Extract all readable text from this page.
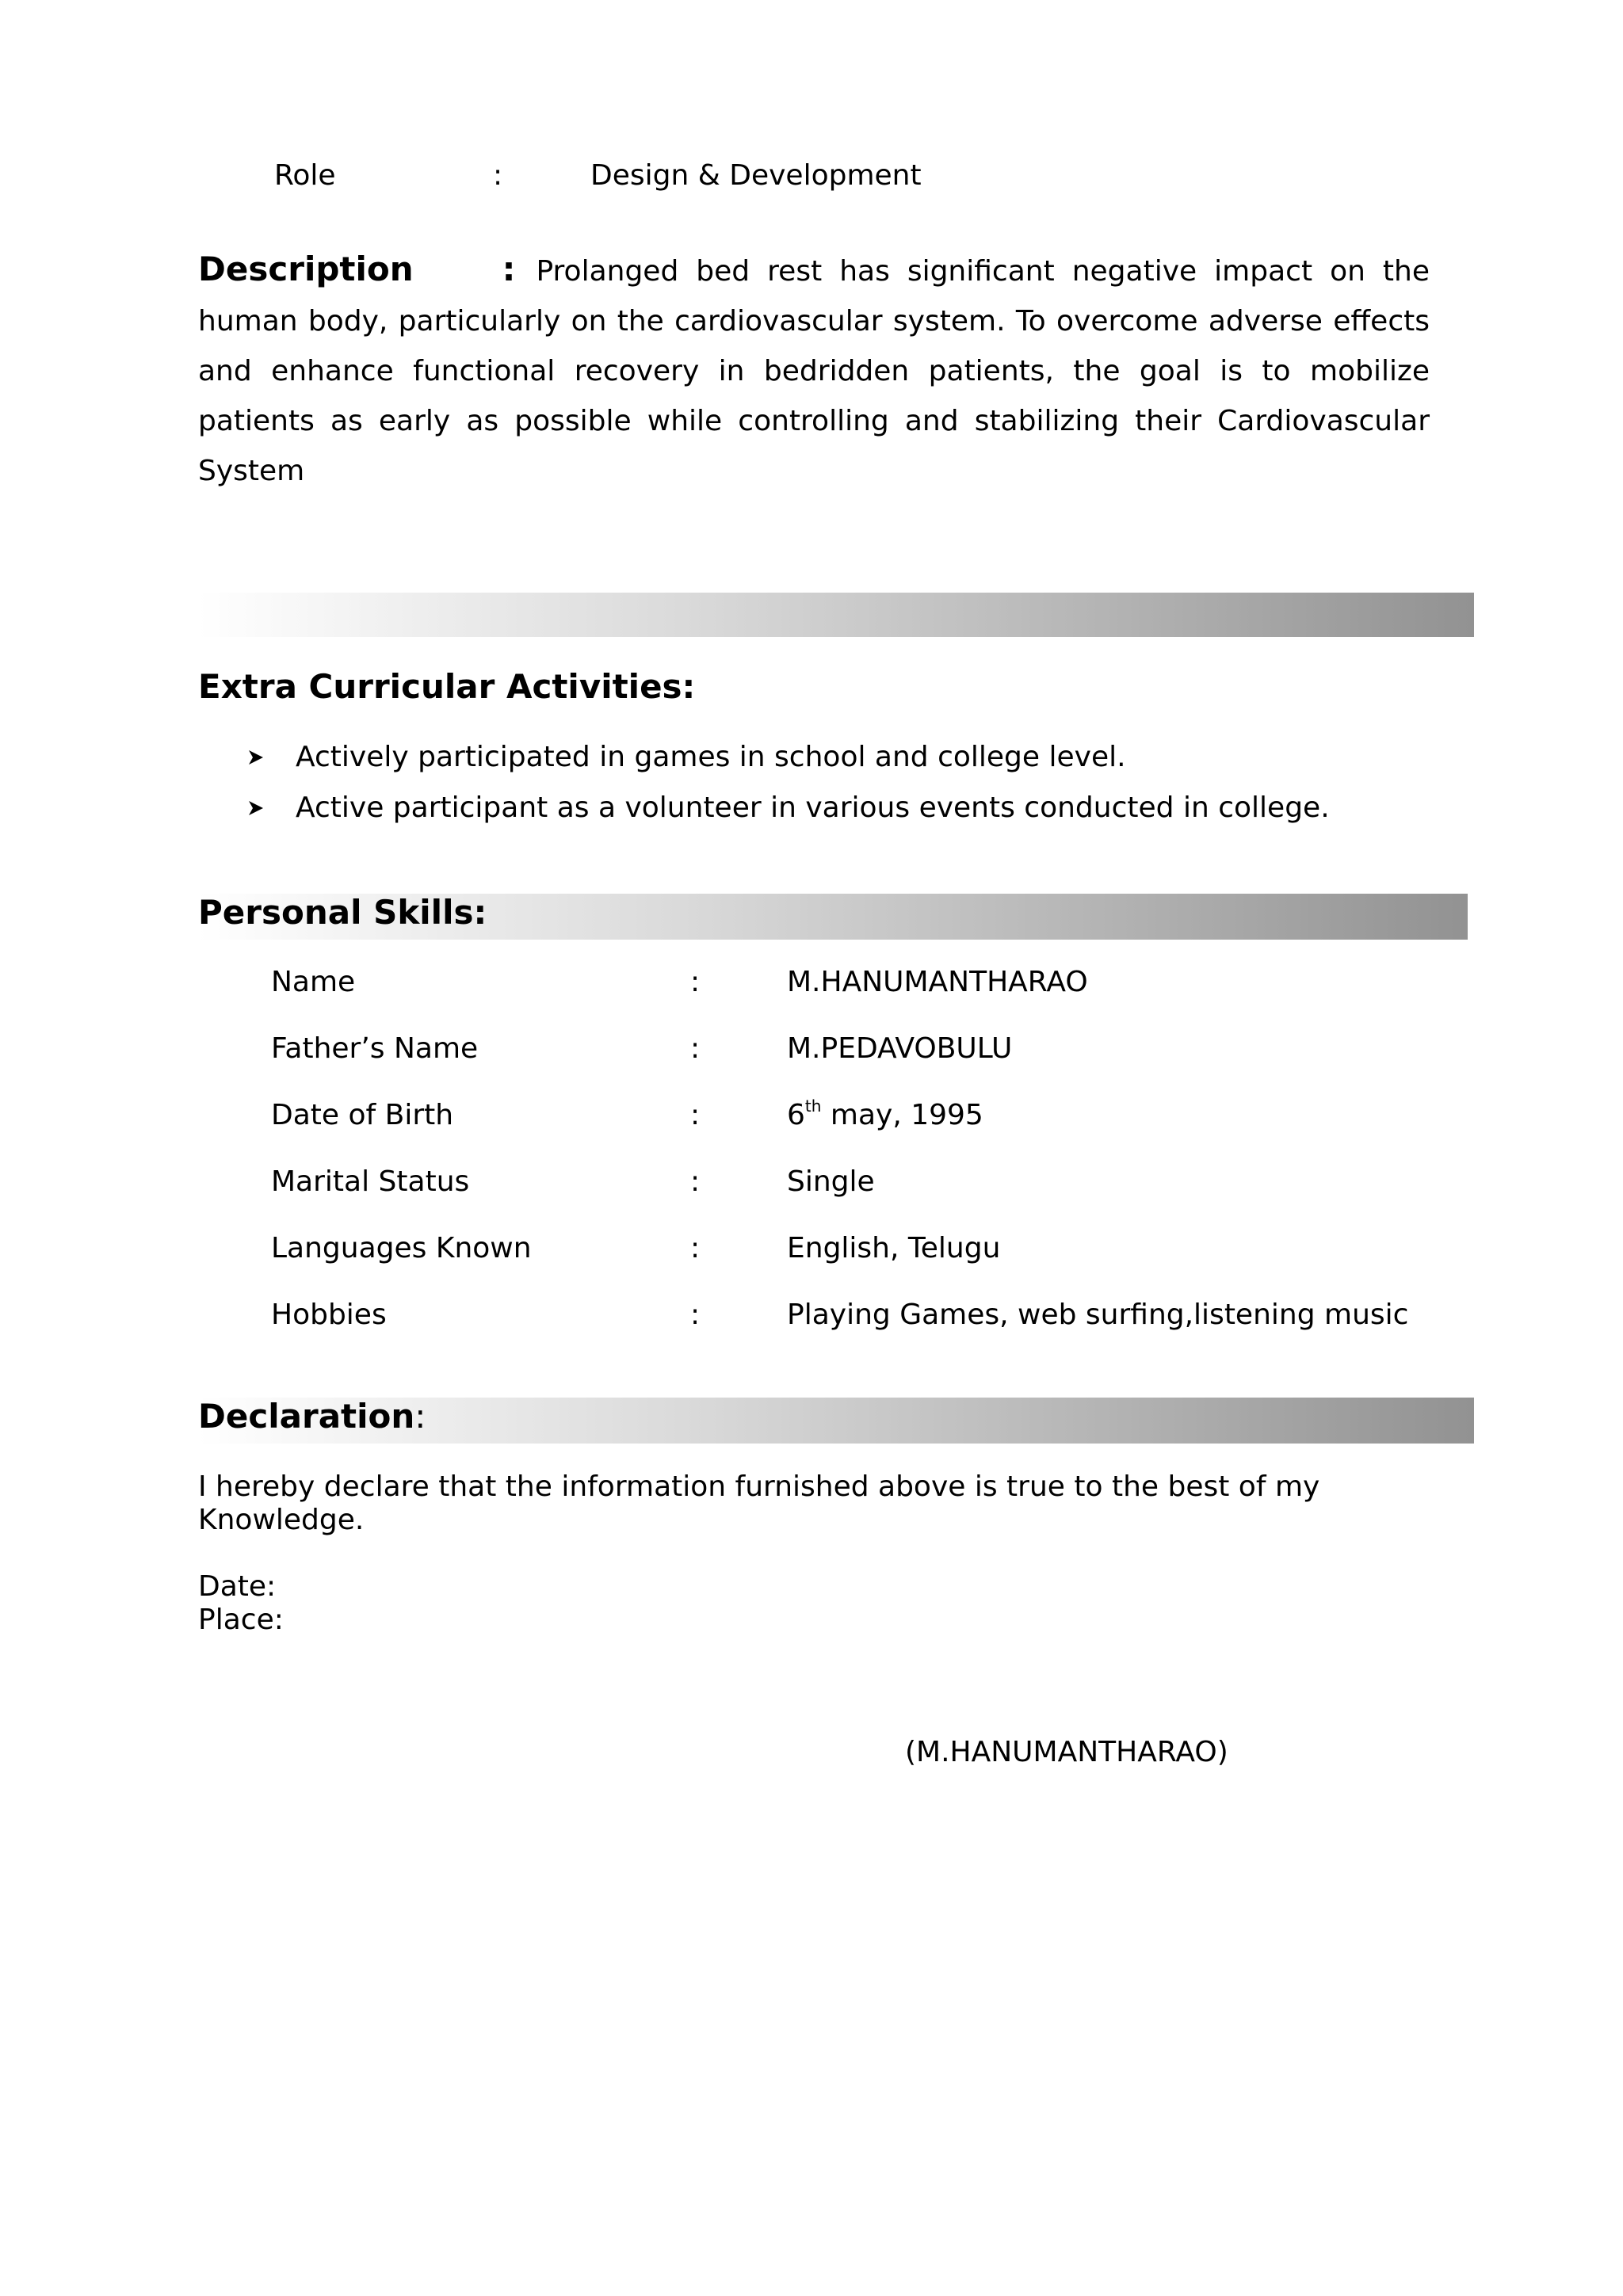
Role	:	Design & Development
Description	: Prolanged bed rest has significant negative impact on the human body, particularly on the cardiovascular system. To overcome adverse effects and enhance functional recovery in bedridden patients, the goal is to mobilize patients as early as possible while controlling and stabilizing their Cardiovascular System
Extra Curricular Activities:
Actively participated in games in school and college level.
Active participant as a volunteer in various events conducted in college.
Personal Skills:
Name	:	M.HANUMANTHARAO
Father’s Name	:	M.PEDAVOBULU
Date of Birth	:	6th may, 1995
Marital Status	:	Single
Languages Known	:	English, Telugu
Hobbies	:	Playing Games, web surfing,listening music
Declaration:
I hereby declare that the information furnished above is true to the best of my
Knowledge.
Date:
Place:
(M.HANUMANTHARAO)
